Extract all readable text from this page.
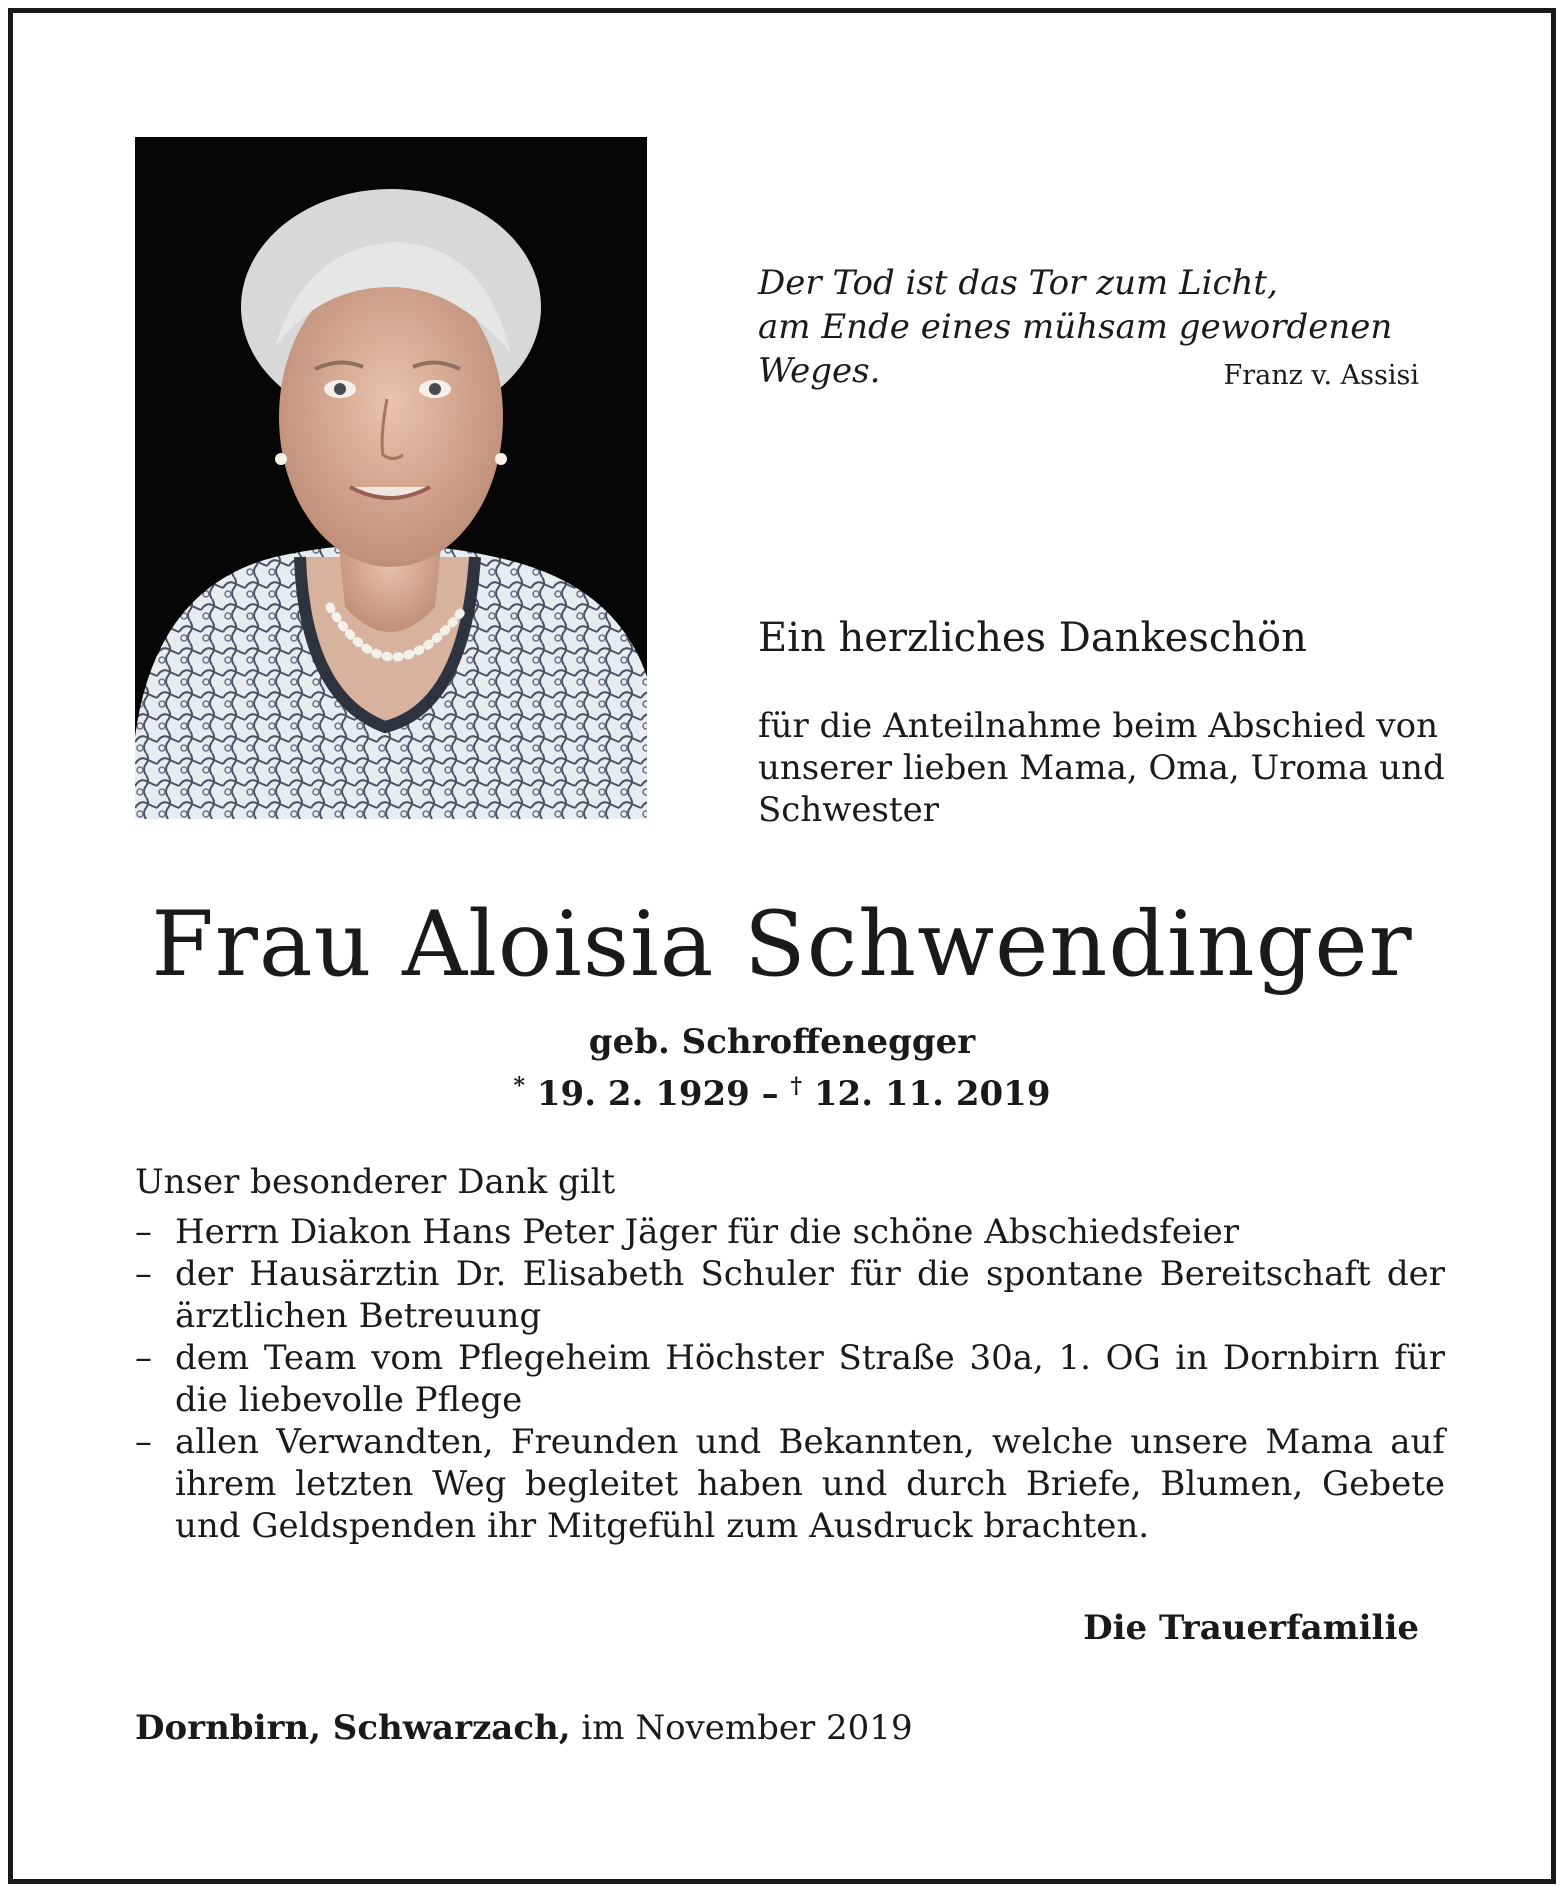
Der Tod ist das Tor zum Licht,
am Ende eines mühsam gewordenen Weges.	Franz v. Assisi
Ein herzliches Dankeschön
für die Anteilnahme beim Abschied von
unserer lieben Mama, Oma, Uroma und
Schwester
Frau Aloisia Schwendinger
geb. Schroffenegger
* 19. 2. 1929 – † 12. 11. 2019
Unser besonderer Dank gilt
– Herrn Diakon Hans Peter Jäger für die schöne Abschiedsfeier
– der Hausärztin Dr. Elisabeth Schuler für die spontane Bereitschaft der ärztlichen Betreuung
– dem Team vom Pflegeheim Höchster Straße 30a, 1. OG in Dornbirn für die liebevolle Pflege
– allen Verwandten, Freunden und Bekannten, welche unsere Mama auf ihrem letzten Weg begleitet haben und durch Briefe, Blumen, Gebete und Geldspenden ihr Mitgefühl zum Ausdruck brachten.
Die Trauerfamilie
Dornbirn, Schwarzach, im November 2019
